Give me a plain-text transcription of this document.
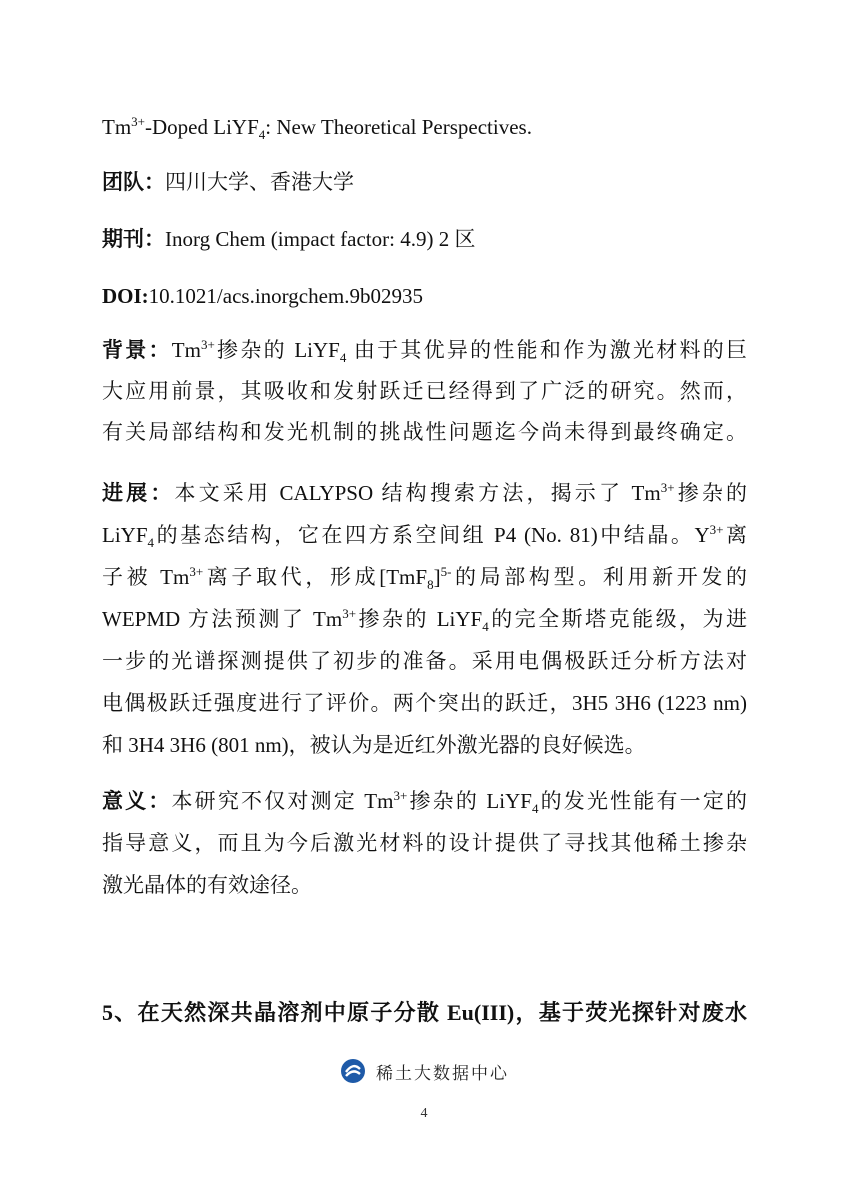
$Tm^{3+}$-Doped LiYF$_4$: New Theoretical Perspectives.
团队：四川大学、香港大学
期刊：Inorg Chem (impact factor: 4.9) 2 区
DOI:10.1021/acs.inorgchem.9b02935
背景：$Tm^{3+}$掺杂的 LiYF$_4$ 由于其优异的性能和作为激光材料的巨
大应用前景，其吸收和发射跃迁已经得到了广泛的研究。然而，
有关局部结构和发光机制的挑战性问题迄今尚未得到最终确定。
进展：本文采用 CALYPSO 结构搜索方法，揭示了 $Tm^{3+}$掺杂的
LiYF$_4$的基态结构，它在四方系空间组 P4 (No. 81)中结晶。$Y^{3+}$离
子被 $Tm^{3+}$离子取代，形成$[TmF_8]^{5-}$的局部构型。利用新开发的
WEPMD 方法预测了 $Tm^{3+}$掺杂的 LiYF$_4$的完全斯塔克能级，为进
一步的光谱探测提供了初步的准备。采用电偶极跃迁分析方法对
电偶极跃迁强度进行了评价。两个突出的跃迁，3H5 3H6 (1223 nm)
和 3H4 3H6 (801 nm)，被认为是近红外激光器的良好候选。
意义：本研究不仅对测定 $Tm^{3+}$掺杂的 LiYF$_4$的发光性能有一定的
指导意义，而且为今后激光材料的设计提供了寻找其他稀土掺杂
激光晶体的有效途径。
5、在天然深共晶溶剂中原子分散 Eu(III)，基于荧光探针对废水
稀土大数据中心
4
